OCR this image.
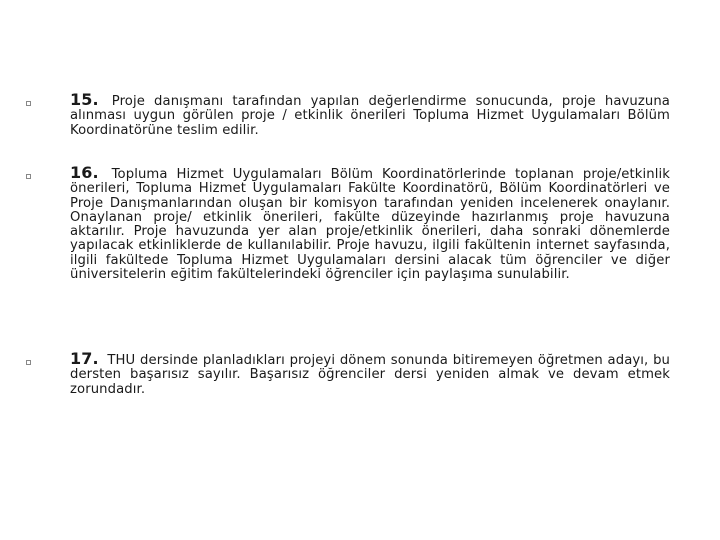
15. Proje danışmanı tarafından yapılan değerlendirme sonucunda, proje havuzuna alınması uygun görülen proje / etkinlik önerileri Topluma Hizmet Uygulamaları Bölüm Koordinatörüne teslim edilir.
16. Topluma Hizmet Uygulamaları Bölüm Koordinatörlerinde toplanan proje/etkinlik önerileri, Topluma Hizmet Uygulamaları Fakülte Koordinatörü, Bölüm Koordinatörleri ve Proje Danışmanlarından oluşan bir komisyon tarafından yeniden incelenerek onaylanır. Onaylanan proje/ etkinlik önerileri, fakülte düzeyinde hazırlanmış proje havuzuna aktarılır. Proje havuzunda yer alan proje/etkinlik önerileri, daha sonraki dönemlerde yapılacak etkinliklerde de kullanılabilir. Proje havuzu, ilgili fakültenin internet sayfasında, ilgili fakültede Topluma Hizmet Uygulamaları dersini alacak tüm öğrenciler ve diğer üniversitelerin eğitim fakültelerindeki öğrenciler için paylaşıma sunulabilir.
17. THU dersinde planladıkları projeyi dönem sonunda bitiremeyen öğretmen adayı, bu dersten başarısız sayılır. Başarısız öğrenciler dersi yeniden almak ve devam etmek zorundadır.
